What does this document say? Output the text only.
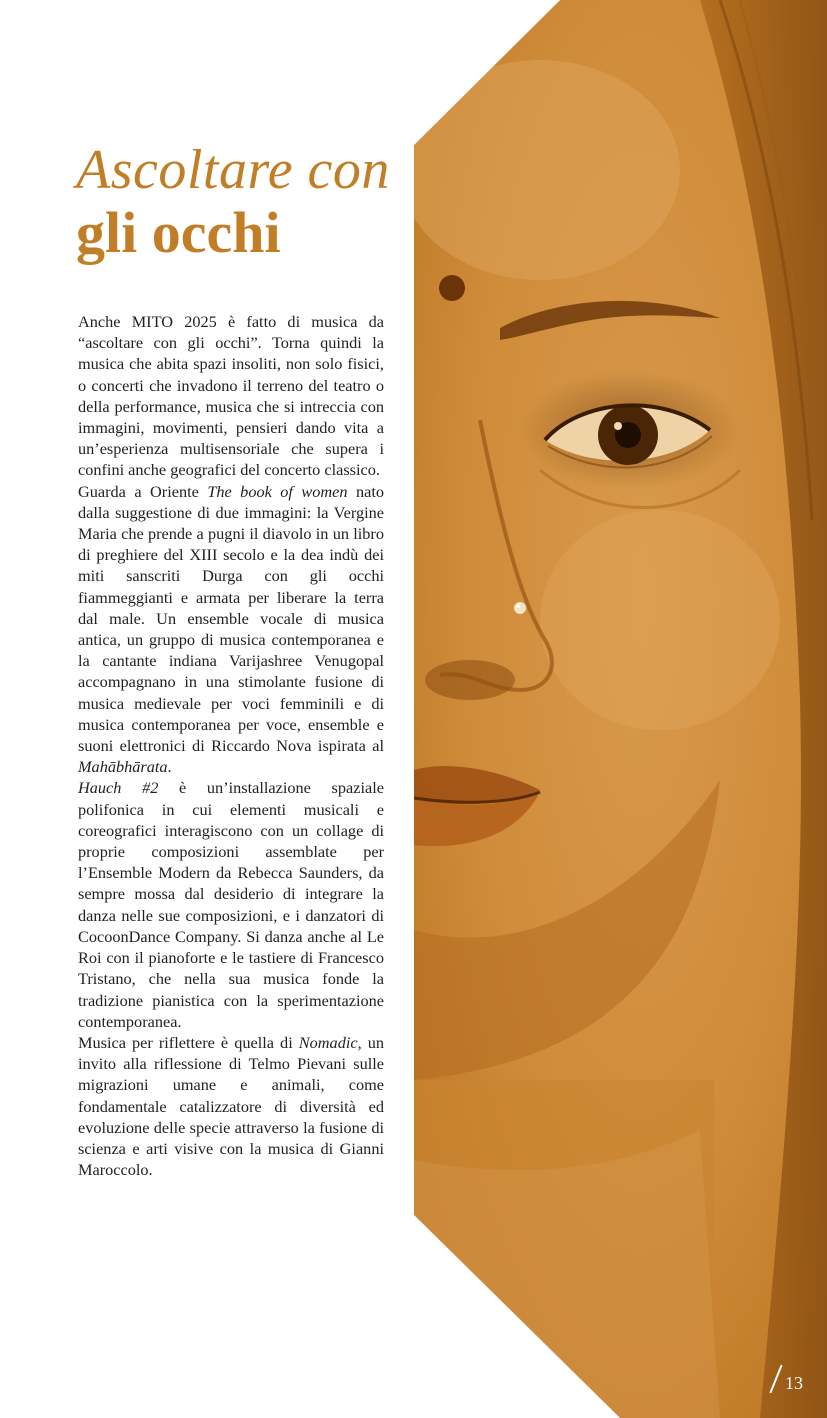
Ascoltare con
gli occhi

Anche MITO 2025 è fatto di musica da “ascoltare con gli occhi”. Torna quindi la musica che abita spazi insoliti, non solo fisici, o concerti che invadono il terreno del teatro o della performance, musica che si intreccia con immagini, movimenti, pensieri dando vita a un’esperienza multisensoriale che supera i confini anche geografici del concerto classico.

Guarda a Oriente The book of women nato dalla suggestione di due immagini: la Vergine Maria che prende a pugni il diavolo in un libro di preghiere del XIII secolo e la dea indù dei miti sanscriti Durga con gli occhi fiammeggianti e armata per liberare la terra dal male. Un ensemble vocale di musica antica, un gruppo di musica contemporanea e la cantante indiana Varijashree Venugopal accompagnano in una stimolante fusione di musica medievale per voci femminili e di musica contemporanea per voce, ensemble e suoni elettronici di Riccardo Nova ispirata al Mahābhārata.

Hauch #2 è un’installazione spaziale polifonica in cui elementi musicali e coreografici interagiscono con un collage di proprie composizioni assemblate per l’Ensemble Modern da Rebecca Saunders, da sempre mossa dal desiderio di integrare la danza nelle sue composizioni, e i danzatori di CocoonDance Company. Si danza anche al Le Roi con il pianoforte e le tastiere di Francesco Tristano, che nella sua musica fonde la tradizione pianistica con la sperimentazione contemporanea.

Musica per riflettere è quella di Nomadic, un invito alla riflessione di Telmo Pievani sulle migrazioni umane e animali, come fondamentale catalizzatore di diversità ed evoluzione delle specie attraverso la fusione di scienza e arti visive con la musica di Gianni Maroccolo.

13
